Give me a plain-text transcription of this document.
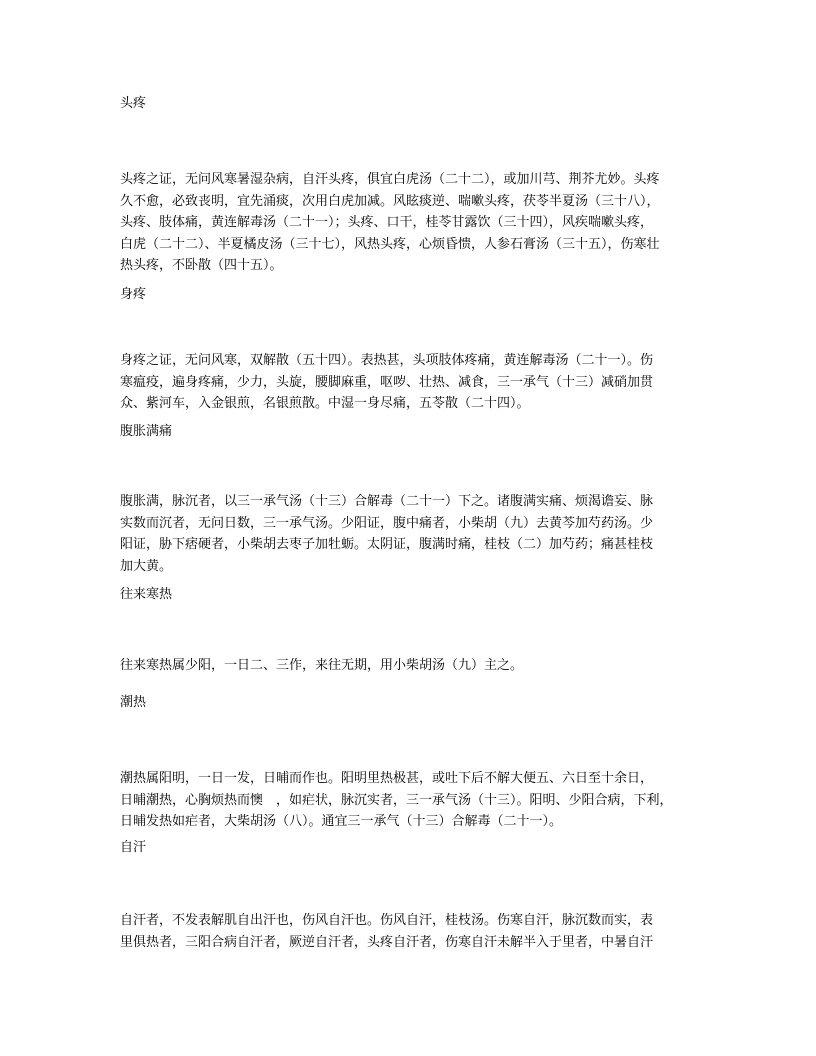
头疼
头疼之证，无问风寒暑湿杂病，自汗头疼，俱宜白虎汤（二十二），或加川芎、荆芥尤妙。头疼
久不愈，必致丧明，宜先涌痰，次用白虎加减。风眩痰逆、喘嗽头疼，茯苓半夏汤（三十八），
头疼、肢体痛，黄连解毒汤（二十一）；头疼、口干，桂苓甘露饮（三十四），风疾喘嗽头疼，
白虎（二十二）、半夏橘皮汤（三十七），风热头疼，心烦昏愦，人参石膏汤（三十五），伤寒壮
热头疼，不卧散（四十五）。
身疼
身疼之证，无问风寒，双解散（五十四）。表热甚，头项肢体疼痛，黄连解毒汤（二十一）。伤
寒瘟疫，遍身疼痛，少力，头旋，腰脚麻重，呕哕、壮热、减食，三一承气（十三）减硝加贯
众、紫河车，入金银煎，名银煎散。中湿一身尽痛，五苓散（二十四）。
腹胀满痛
腹胀满，脉沉者，以三一承气汤（十三）合解毒（二十一）下之。诸腹满实痛、烦渴谵妄、脉
实数而沉者，无问日数，三一承气汤。少阳证，腹中痛者，小柴胡（九）去黄芩加芍药汤。少
阳证，胁下痞硬者，小柴胡去枣子加牡蛎。太阴证，腹满时痛，桂枝（二）加芍药；痛甚桂枝
加大黄。
往来寒热
往来寒热属少阳，一日二、三作，来往无期，用小柴胡汤（九）主之。
潮热
潮热属阳明，一日一发，日晡而作也。阳明里热极甚，或吐下后不解大便五、六日至十余日，
日晡潮热，心胸烦热而懊　，如疟状，脉沉实者，三一承气汤（十三）。阳明、少阳合病，下利，
日晡发热如疟者，大柴胡汤（八）。通宜三一承气（十三）合解毒（二十一）。
自汗
自汗者，不发表解肌自出汗也，伤风自汗也。伤风自汗，桂枝汤。伤寒自汗，脉沉数而实，表
里俱热者，三阳合病自汗者，厥逆自汗者，头疼自汗者，伤寒自汗未解半入于里者，中暑自汗
